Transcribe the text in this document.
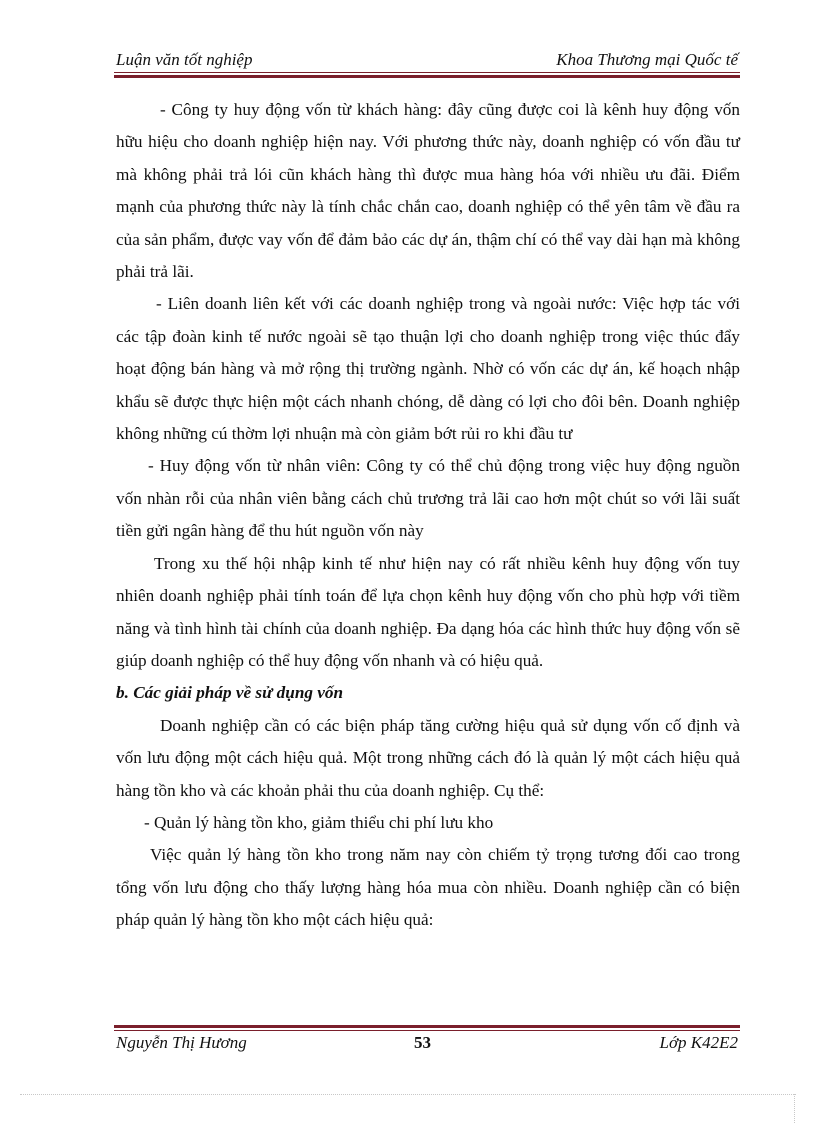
Luận văn tốt nghiệp	Khoa Thương mại Quốc tế

- Công ty huy động vốn từ khách hàng: đây cũng được coi là kênh huy động vốn hữu hiệu cho doanh nghiệp hiện nay. Với phương thức này, doanh nghiệp có vốn đầu tư mà không phải trả lói cũn khách hàng thì được mua hàng hóa với nhiều ưu đãi. Điểm mạnh của phương thức này là tính chắc chắn cao, doanh nghiệp có thể yên tâm về đầu ra của sản phẩm, được vay vốn để đảm bảo các dự án, thậm chí có thể vay dài hạn mà không phải trả lãi.

- Liên doanh liên kết với các doanh nghiệp trong và ngoài nước: Việc hợp tác với các tập đoàn kinh tế nước ngoài sẽ tạo thuận lợi cho doanh nghiệp trong việc thúc đẩy hoạt động bán hàng và mở rộng thị trường ngành. Nhờ có vốn các dự án, kế hoạch nhập khẩu sẽ được thực hiện một cách nhanh chóng, dễ dàng có lợi cho đôi bên. Doanh nghiệp không những cú thờm lợi nhuận mà còn giảm bớt rủi ro khi đầu tư

- Huy động vốn từ nhân viên: Công ty có thể chủ động trong việc huy động nguồn vốn nhàn rỗi của nhân viên bằng cách chủ trương trả lãi cao hơn một chút so với lãi suất tiền gửi ngân hàng để thu hút nguồn vốn này

Trong xu thế hội nhập kinh tế như hiện nay có rất nhiều kênh huy động vốn tuy nhiên doanh nghiệp phải tính toán để lựa chọn kênh huy động vốn cho phù hợp với tiềm năng và tình hình tài chính của doanh nghiệp. Đa dạng hóa các hình thức huy động vốn sẽ giúp doanh nghiệp có thể huy động vốn nhanh và có hiệu quả.

b. Các giải pháp về sử dụng vốn

Doanh nghiệp cần có các biện pháp tăng cường hiệu quả sử dụng vốn cố định và vốn lưu động một cách hiệu quả. Một trong những cách đó là quản lý một cách hiệu quả hàng tồn kho và các khoản phải thu của doanh nghiệp. Cụ thể:

- Quản lý hàng tồn kho, giảm thiểu chi phí lưu kho

Việc quản lý hàng tồn kho trong năm nay còn chiếm tỷ trọng tương đối cao trong tổng vốn lưu động cho thấy lượng hàng hóa mua còn nhiều. Doanh nghiệp cần có biện pháp quản lý hàng tồn kho một cách hiệu quả:

Nguyễn Thị Hương	53	Lớp K42E2
